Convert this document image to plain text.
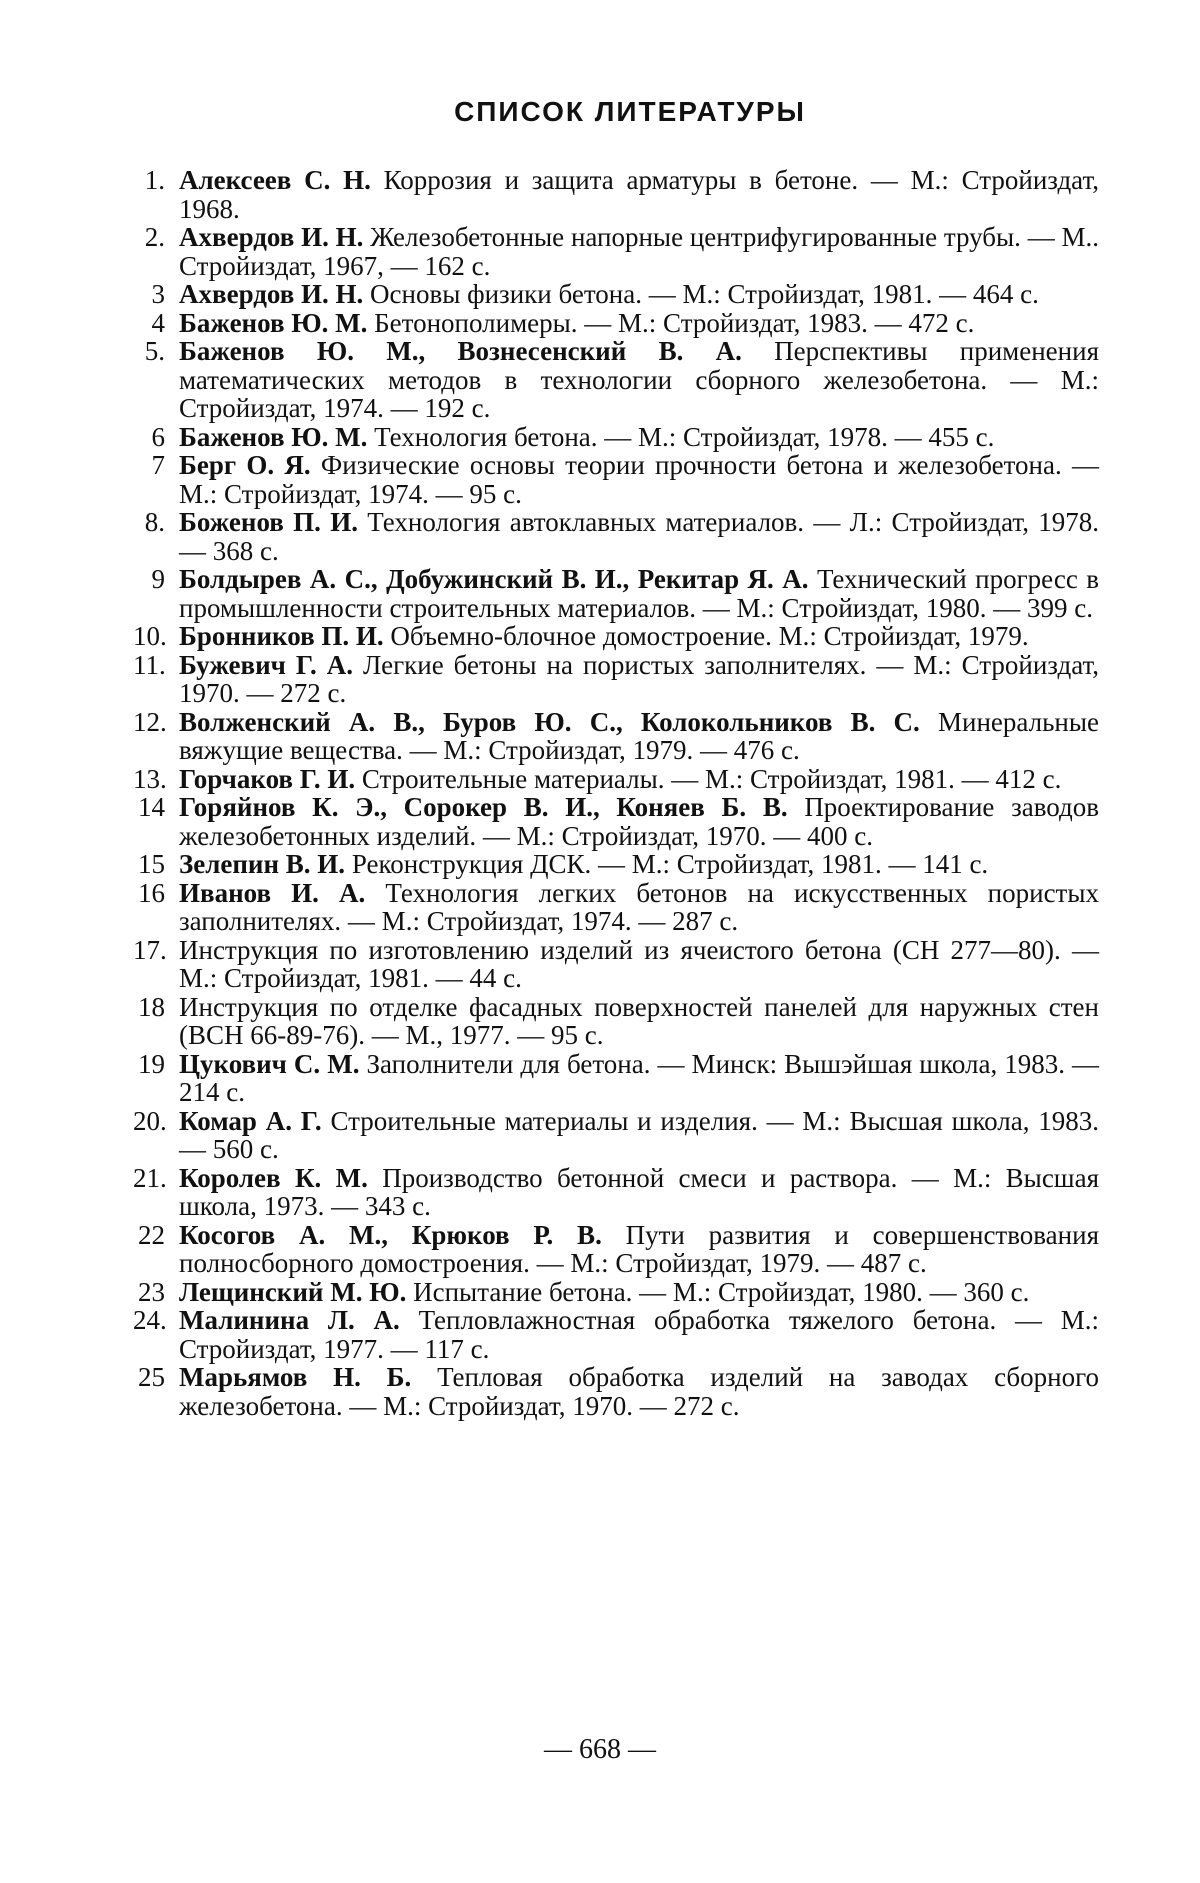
СПИСОК ЛИТЕРАТУРЫ
1. Алексеев С. Н. Коррозия и защита арматуры в бетоне. — М.: Стройиздат, 1968.
2. Ахвердов И. Н. Железобетонные напорные центрифугированные трубы. — М.. Стройиздат, 1967, — 162 с.
3 Ахвердов И. Н. Основы физики бетона. — М.: Стройиздат, 1981. — 464 с.
4 Баженов Ю. М. Бетонополимеры. — М.: Стройиздат, 1983. — 472 с.
5. Баженов Ю. М., Вознесенский В. А. Перспективы применения математических методов в технологии сборного железобетона. — М.: Стройиздат, 1974. — 192 с.
6 Баженов Ю. М. Технология бетона. — М.: Стройиздат, 1978. — 455 с.
7 Берг О. Я. Физические основы теории прочности бетона и железобетона. — М.: Стройиздат, 1974. — 95 с.
8. Боженов П. И. Технология автоклавных материалов. — Л.: Стройиздат, 1978. — 368 с.
9 Болдырев А. С., Добужинский В. И., Рекитар Я. А. Технический прогресс в промышленности строительных материалов. — М.: Стройиздат, 1980. — 399 с.
10. Бронников П. И. Объемно-блочное домостроение. М.: Стройиздат, 1979.
11. Бужевич Г. А. Легкие бетоны на пористых заполнителях. — М.: Стройиздат, 1970. — 272 с.
12. Волженский А. В., Буров Ю. С., Колокольников В. С. Минеральные вяжущие вещества. — М.: Стройиздат, 1979. — 476 с.
13. Горчаков Г. И. Строительные материалы. — М.: Стройиздат, 1981. — 412 с.
14 Горяйнов К. Э., Сорокер В. И., Коняев Б. В. Проектирование заводов железобетонных изделий. — М.: Стройиздат, 1970. — 400 с.
15 Зелепин В. И. Реконструкция ДСК. — М.: Стройиздат, 1981. — 141 с.
16 Иванов И. А. Технология легких бетонов на искусственных пористых заполнителях. — М.: Стройиздат, 1974. — 287 с.
17. Инструкция по изготовлению изделий из ячеистого бетона (СН 277—80). — М.: Стройиздат, 1981. — 44 с.
18 Инструкция по отделке фасадных поверхностей панелей для наружных стен (ВСН 66-89-76). — М., 1977. — 95 с.
19 Цукович С. М. Заполнители для бетона. — Минск: Вышэйшая школа, 1983. — 214 с.
20. Комар А. Г. Строительные материалы и изделия. — М.: Высшая школа, 1983. — 560 с.
21. Королев К. М. Производство бетонной смеси и раствора. — М.: Высшая школа, 1973. — 343 с.
22 Косогов А. М., Крюков Р. В. Пути развития и совершенствования полносборного домостроения. — М.: Стройиздат, 1979. — 487 с.
23 Лещинский М. Ю. Испытание бетона. — М.: Стройиздат, 1980. — 360 с.
24. Малинина Л. А. Тепловлажностная обработка тяжелого бетона. — М.: Стройиздат, 1977. — 117 с.
25 Марьямов Н. Б. Тепловая обработка изделий на заводах сборного железобетона. — М.: Стройиздат, 1970. — 272 с.
— 668 —
